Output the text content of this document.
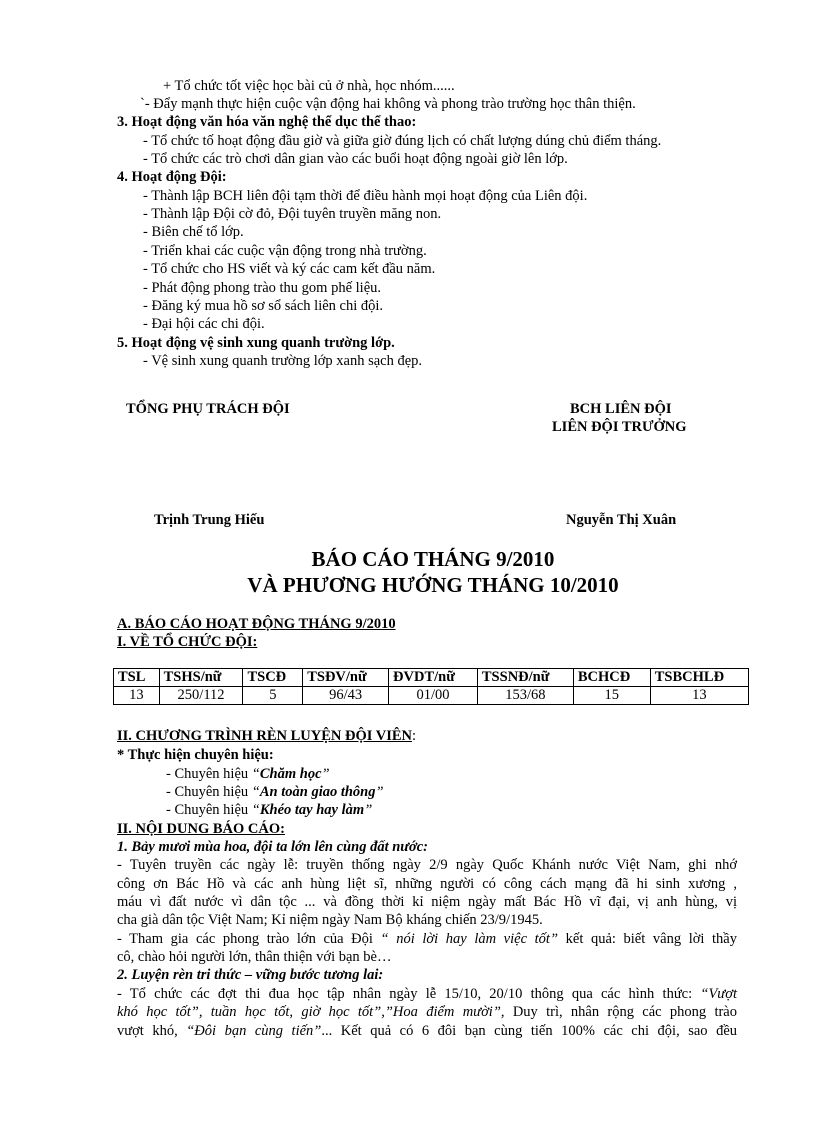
+ Tổ chức tốt việc học bài củ ở nhà, học nhóm......
`- Đẩy mạnh thực hiện cuộc vận động hai không và phong trào trường học thân thiện.
3. Hoạt động văn hóa văn nghệ thể dục thể thao:
- Tổ chức tố hoạt động đầu giờ và giữa giờ đúng lịch có chất lượng dúng chủ điểm tháng.
- Tổ chức các trò chơi dân gian vào các buổi hoạt động ngoài giờ lên lớp.
4. Hoạt động Đội:
- Thành lập BCH liên đội tạm thời để điều hành mọi hoạt động của Liên đội.
- Thành lập Đội cờ đỏ, Đội tuyên truyền măng non.
- Biên chế tổ lớp.
- Triển khai các cuộc vận động trong nhà trường.
- Tổ chức cho HS viết và ký các cam kết đầu năm.
- Phát động phong trào thu gom phế liệu.
- Đăng ký mua hồ sơ sổ sách liên chi đội.
- Đại hội các chi đội.
5. Hoạt động vệ sinh xung quanh trường lớp.
- Vệ sinh xung quanh trường lớp xanh sạch đẹp.
TỔNG PHỤ TRÁCH ĐỘI	BCH LIÊN ĐỘI
LIÊN ĐỘI TRƯỞNG
Trịnh Trung Hiếu	Nguyễn Thị Xuân
BÁO CÁO THÁNG 9/2010
VÀ PHƯƠNG HƯỚNG THÁNG 10/2010
A. BÁO CÁO HOẠT ĐỘNG THÁNG 9/2010
I. VỀ TỔ CHỨC ĐỘI:
TSL	TSHS/nữ	TSCĐ	TSĐV/nữ	ĐVDT/nữ	TSSNĐ/nữ	BCHCĐ	TSBCHLĐ
13	250/112	5	96/43	01/00	153/68	15	13
II. CHƯƠNG TRÌNH RÈN LUYỆN ĐỘI VIÊN:
* Thực hiện chuyên hiệu:
- Chuyên hiệu “Chăm học”
- Chuyên hiệu “An toàn giao thông”
- Chuyên hiệu “Khéo tay hay làm”
II. NỘI DUNG BÁO CÁO:
1. Bảy mươi mùa hoa, đội ta lớn lên cùng đất nước:
- Tuyên truyền các ngày lễ: truyền thống ngày 2/9 ngày Quốc Khánh nước Việt Nam, ghi nhớ
công ơn Bác Hồ và các anh hùng liệt sĩ, những người có công cách mạng đã hi sinh xương ,
máu vì đất nước vì dân tộc ... và đồng thời kỉ niệm ngày mất Bác Hồ vĩ đại, vị anh hùng, vị
cha già dân tộc Việt Nam; Kỉ niệm ngày Nam Bộ kháng chiến 23/9/1945.
- Tham gia các phong trào lớn của Đội “ nói lời hay làm việc tốt” kết quả: biết vâng lời thầy
cô, chào hỏi người lớn, thân thiện với bạn bè…
2. Luyện rèn tri thức – vững bước tương lai:
- Tổ chức các đợt thi đua học tập nhân ngày lễ 15/10, 20/10 thông qua các hình thức: “Vượt
khó học tốt”, tuần học tốt, giờ học tốt”,”Hoa điểm mười”, Duy trì, nhân rộng các phong trào
vượt khó, “Đôi bạn cùng tiến”... Kết quả có 6 đôi bạn cùng tiến 100% các chi đội, sao đều
